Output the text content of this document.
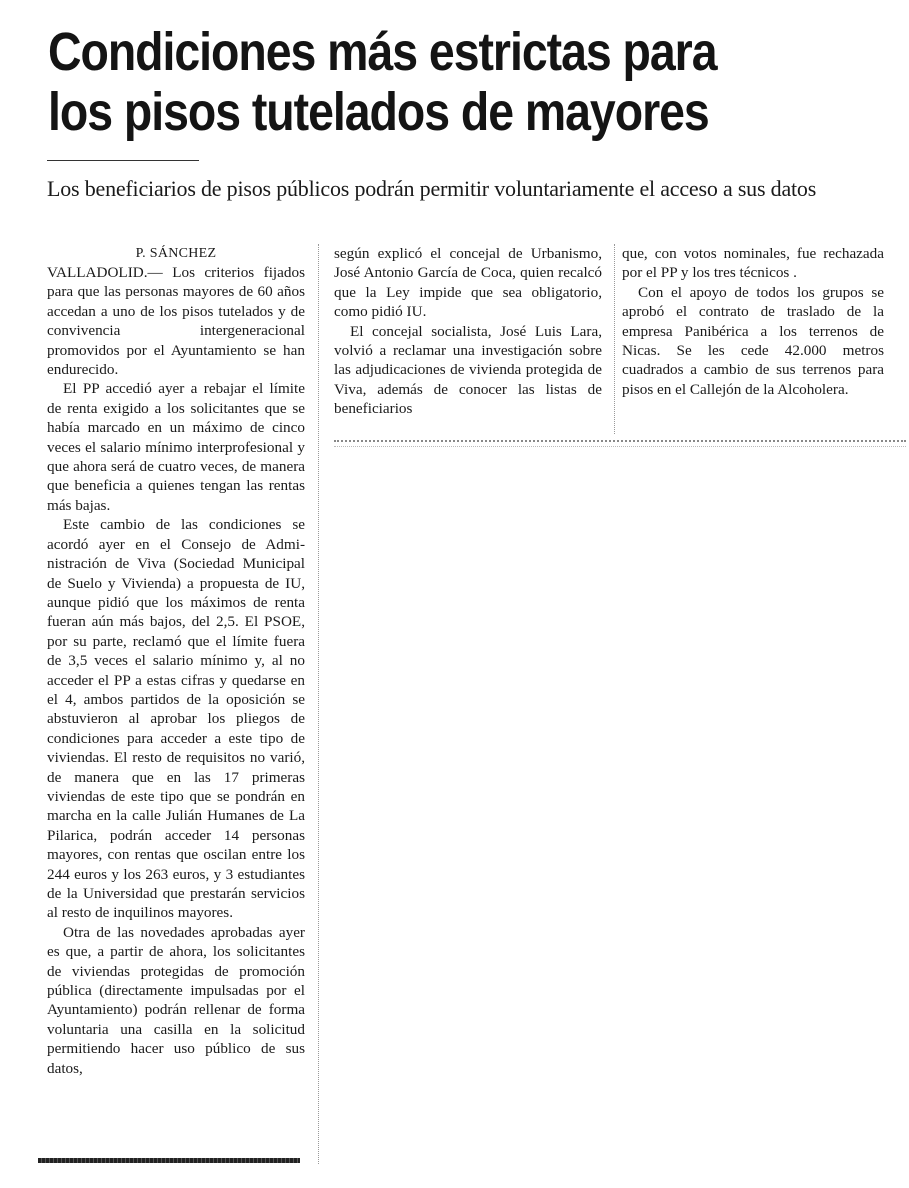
Condiciones más estrictas para
los pisos tutelados de mayores
Los beneficiarios de pisos públicos podrán permitir voluntariamente el acceso a sus datos

P. SÁNCHEZ

VALLADOLID.— Los criterios fijados para que las personas mayores de 60 años accedan a uno de los pisos tutelados y de convivencia intergeneracional promovidos por el Ayuntamiento se han endurecido.

El PP accedió ayer a rebajar el límite de renta exigido a los solicitantes que se había marcado en un máximo de cinco veces el salario mínimo interprofesional y que ahora será de cuatro veces, de manera que beneficia a quienes tengan las rentas más bajas.

Este cambio de las condiciones se acordó ayer en el Consejo de Administración de Viva (Sociedad Municipal de Suelo y Vivienda) a propuesta de IU, aunque pidió que los máximos de renta fueran aún más bajos, del 2,5. El PSOE, por su parte, reclamó que el límite fuera de 3,5 veces el salario mínimo y, al no acceder el PP a estas cifras y quedarse en el 4, ambos partidos de la oposición se abstuvieron al aprobar los pliegos de condiciones para acceder a este tipo de viviendas. El resto de requisitos no varió, de manera que en las 17 primeras viviendas de este tipo que se pondrán en marcha en la calle Julián Humanes de La Pilarica, podrán acceder 14 personas mayores, con rentas que oscilan entre los 244 euros y los 263 euros, y 3 estudiantes de la Universidad que prestarán servicios al resto de inquilinos mayores.

Otra de las novedades aprobadas ayer es que, a partir de ahora, los solicitantes de viviendas protegidas de promoción pública (directamente impulsadas por el Ayuntamiento) podrán rellenar de forma voluntaria una casilla en la solicitud permitiendo hacer uso público de sus datos,

según explicó el concejal de Urbanismo, José Antonio García de Coca, quien recalcó que la Ley impide que sea obligatorio, como pidió IU.

El concejal socialista, José Luis Lara, volvió a reclamar una investigación sobre las adjudicaciones de vivienda protegida de Viva, además de conocer las listas de beneficiarios

que, con votos nominales, fue rechazada por el PP y los tres técnicos .

Con el apoyo de todos los grupos se aprobó el contrato de traslado de la empresa Panibérica a los terrenos de Nicas. Se les cede 42.000 metros cuadrados a cambio de sus terrenos para pisos en el Callejón de la Alcoholera.
